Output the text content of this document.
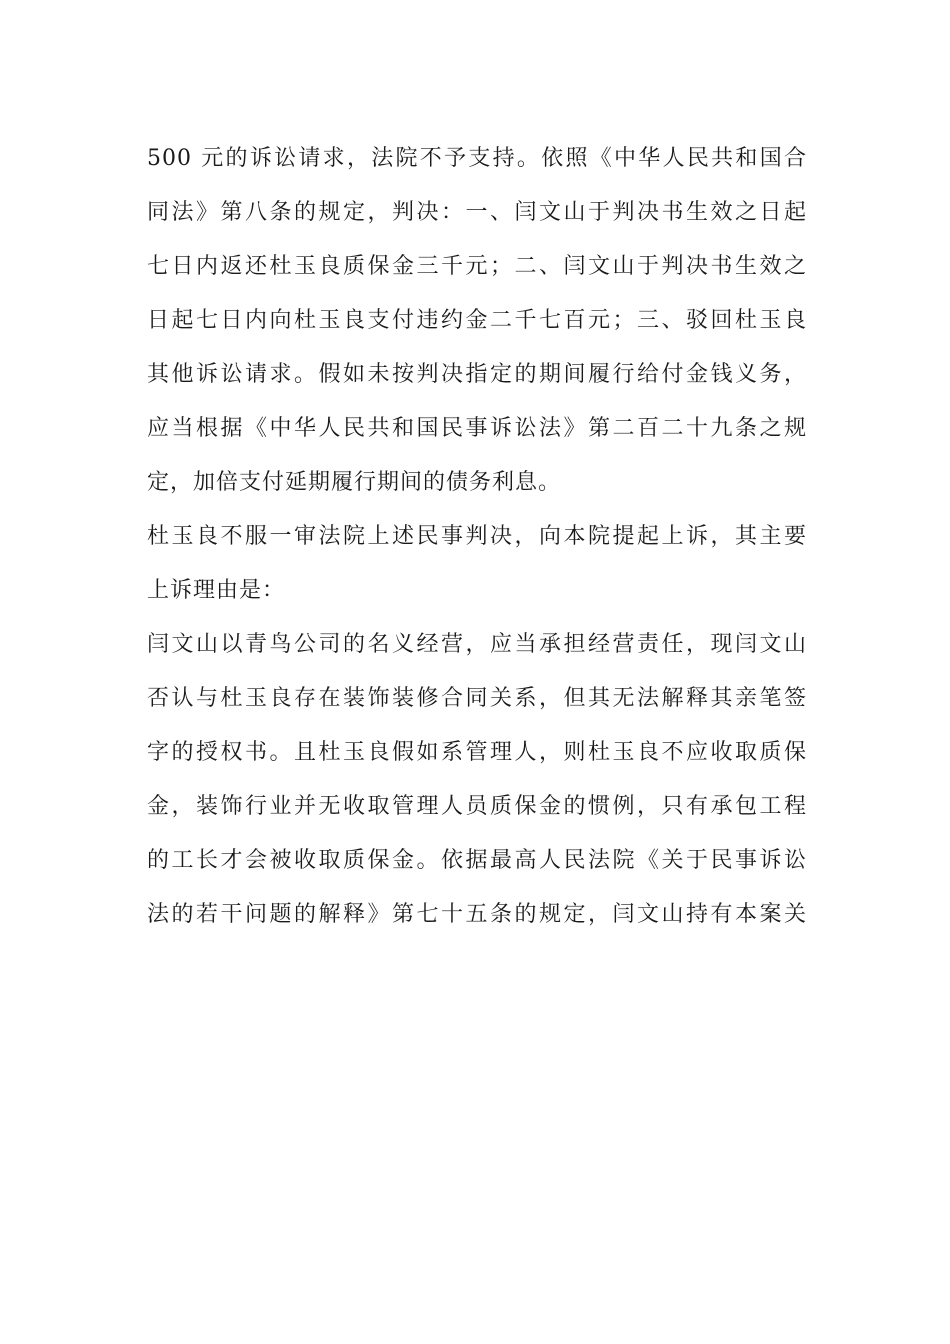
500 元的诉讼请求，法院不予支持。依照《中华人民共和国合
同法》第八条的规定，判决：一、闫文山于判决书生效之日起
七日内返还杜玉良质保金三千元；二、闫文山于判决书生效之
日起七日内向杜玉良支付违约金二千七百元；三、驳回杜玉良
其他诉讼请求。假如未按判决指定的期间履行给付金钱义务，
应当根据《中华人民共和国民事诉讼法》第二百二十九条之规
定，加倍支付延期履行期间的债务利息。
杜玉良不服一审法院上述民事判决，向本院提起上诉，其主要
上诉理由是：
闫文山以青鸟公司的名义经营，应当承担经营责任，现闫文山
否认与杜玉良存在装饰装修合同关系，但其无法解释其亲笔签
字的授权书。且杜玉良假如系管理人，则杜玉良不应收取质保
金，装饰行业并无收取管理人员质保金的惯例，只有承包工程
的工长才会被收取质保金。依据最高人民法院《关于民事诉讼
法的若干问题的解释》第七十五条的规定，闫文山持有本案关
